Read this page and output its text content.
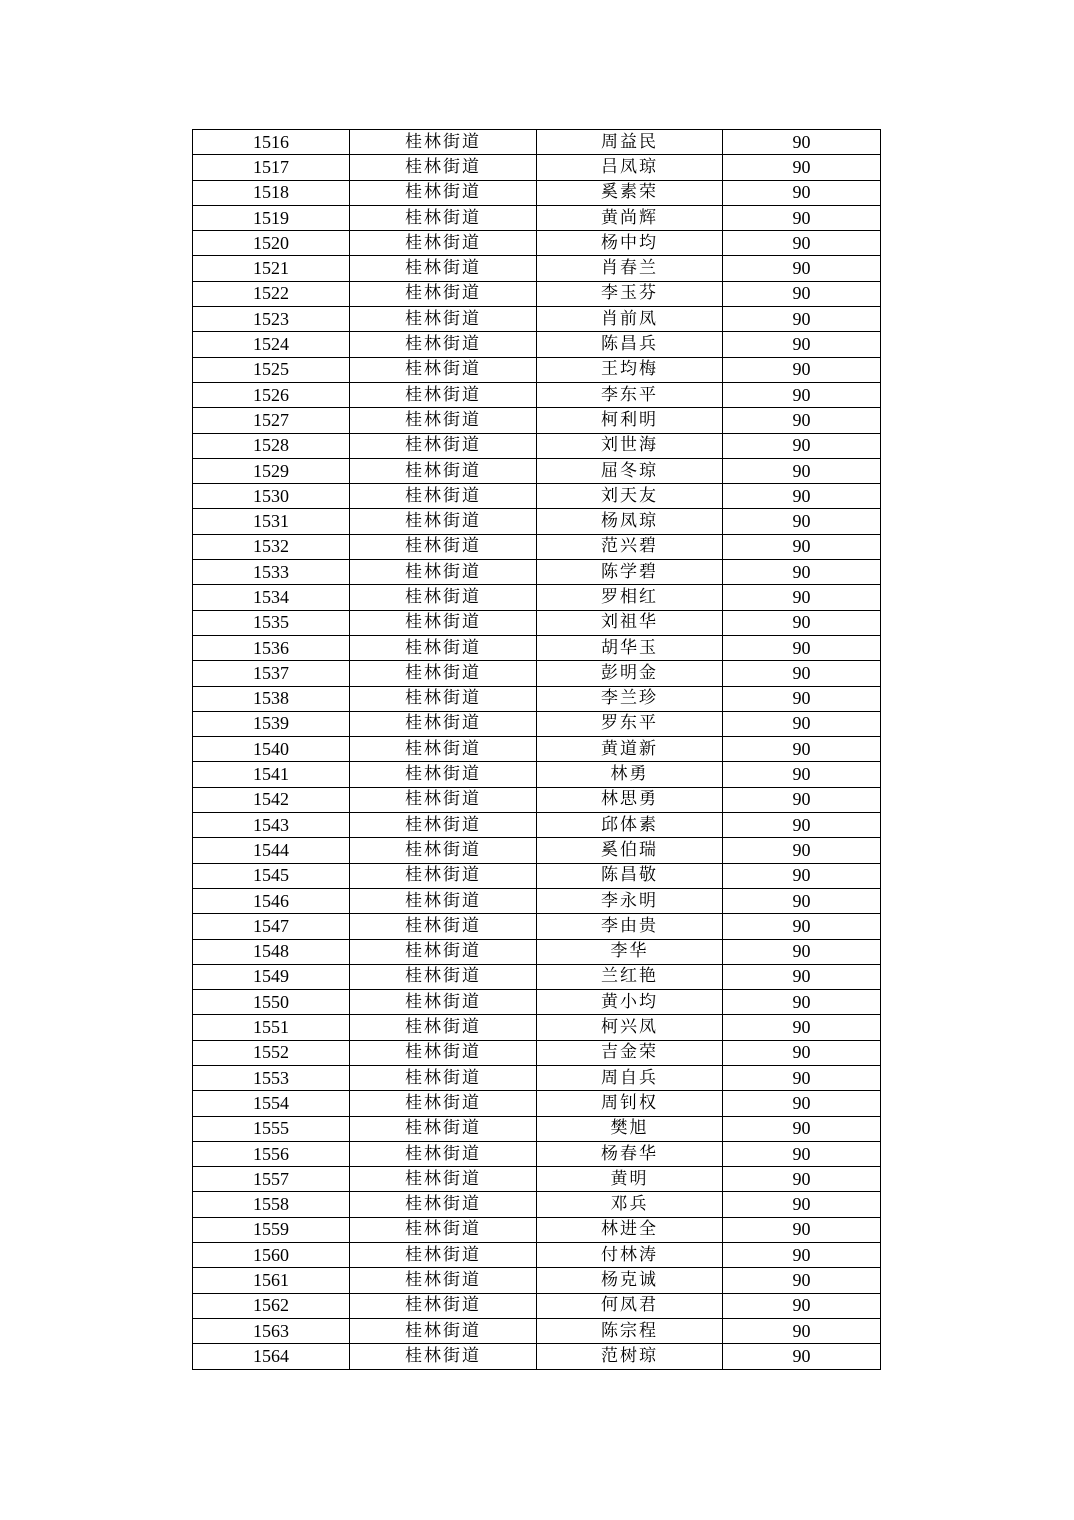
1516	桂林街道	周益民	90
1517	桂林街道	吕凤琼	90
1518	桂林街道	奚素荣	90
1519	桂林街道	黄尚辉	90
1520	桂林街道	杨中均	90
1521	桂林街道	肖春兰	90
1522	桂林街道	李玉芬	90
1523	桂林街道	肖前凤	90
1524	桂林街道	陈昌兵	90
1525	桂林街道	王均梅	90
1526	桂林街道	李东平	90
1527	桂林街道	柯利明	90
1528	桂林街道	刘世海	90
1529	桂林街道	屈冬琼	90
1530	桂林街道	刘天友	90
1531	桂林街道	杨凤琼	90
1532	桂林街道	范兴碧	90
1533	桂林街道	陈学碧	90
1534	桂林街道	罗相红	90
1535	桂林街道	刘祖华	90
1536	桂林街道	胡华玉	90
1537	桂林街道	彭明金	90
1538	桂林街道	李兰珍	90
1539	桂林街道	罗东平	90
1540	桂林街道	黄道新	90
1541	桂林街道	林勇	90
1542	桂林街道	林思勇	90
1543	桂林街道	邱体素	90
1544	桂林街道	奚伯瑞	90
1545	桂林街道	陈昌敬	90
1546	桂林街道	李永明	90
1547	桂林街道	李由贵	90
1548	桂林街道	李华	90
1549	桂林街道	兰红艳	90
1550	桂林街道	黄小均	90
1551	桂林街道	柯兴凤	90
1552	桂林街道	吉金荣	90
1553	桂林街道	周自兵	90
1554	桂林街道	周钊权	90
1555	桂林街道	樊旭	90
1556	桂林街道	杨春华	90
1557	桂林街道	黄明	90
1558	桂林街道	邓兵	90
1559	桂林街道	林进全	90
1560	桂林街道	付林涛	90
1561	桂林街道	杨克诚	90
1562	桂林街道	何凤君	90
1563	桂林街道	陈宗程	90
1564	桂林街道	范树琼	90
